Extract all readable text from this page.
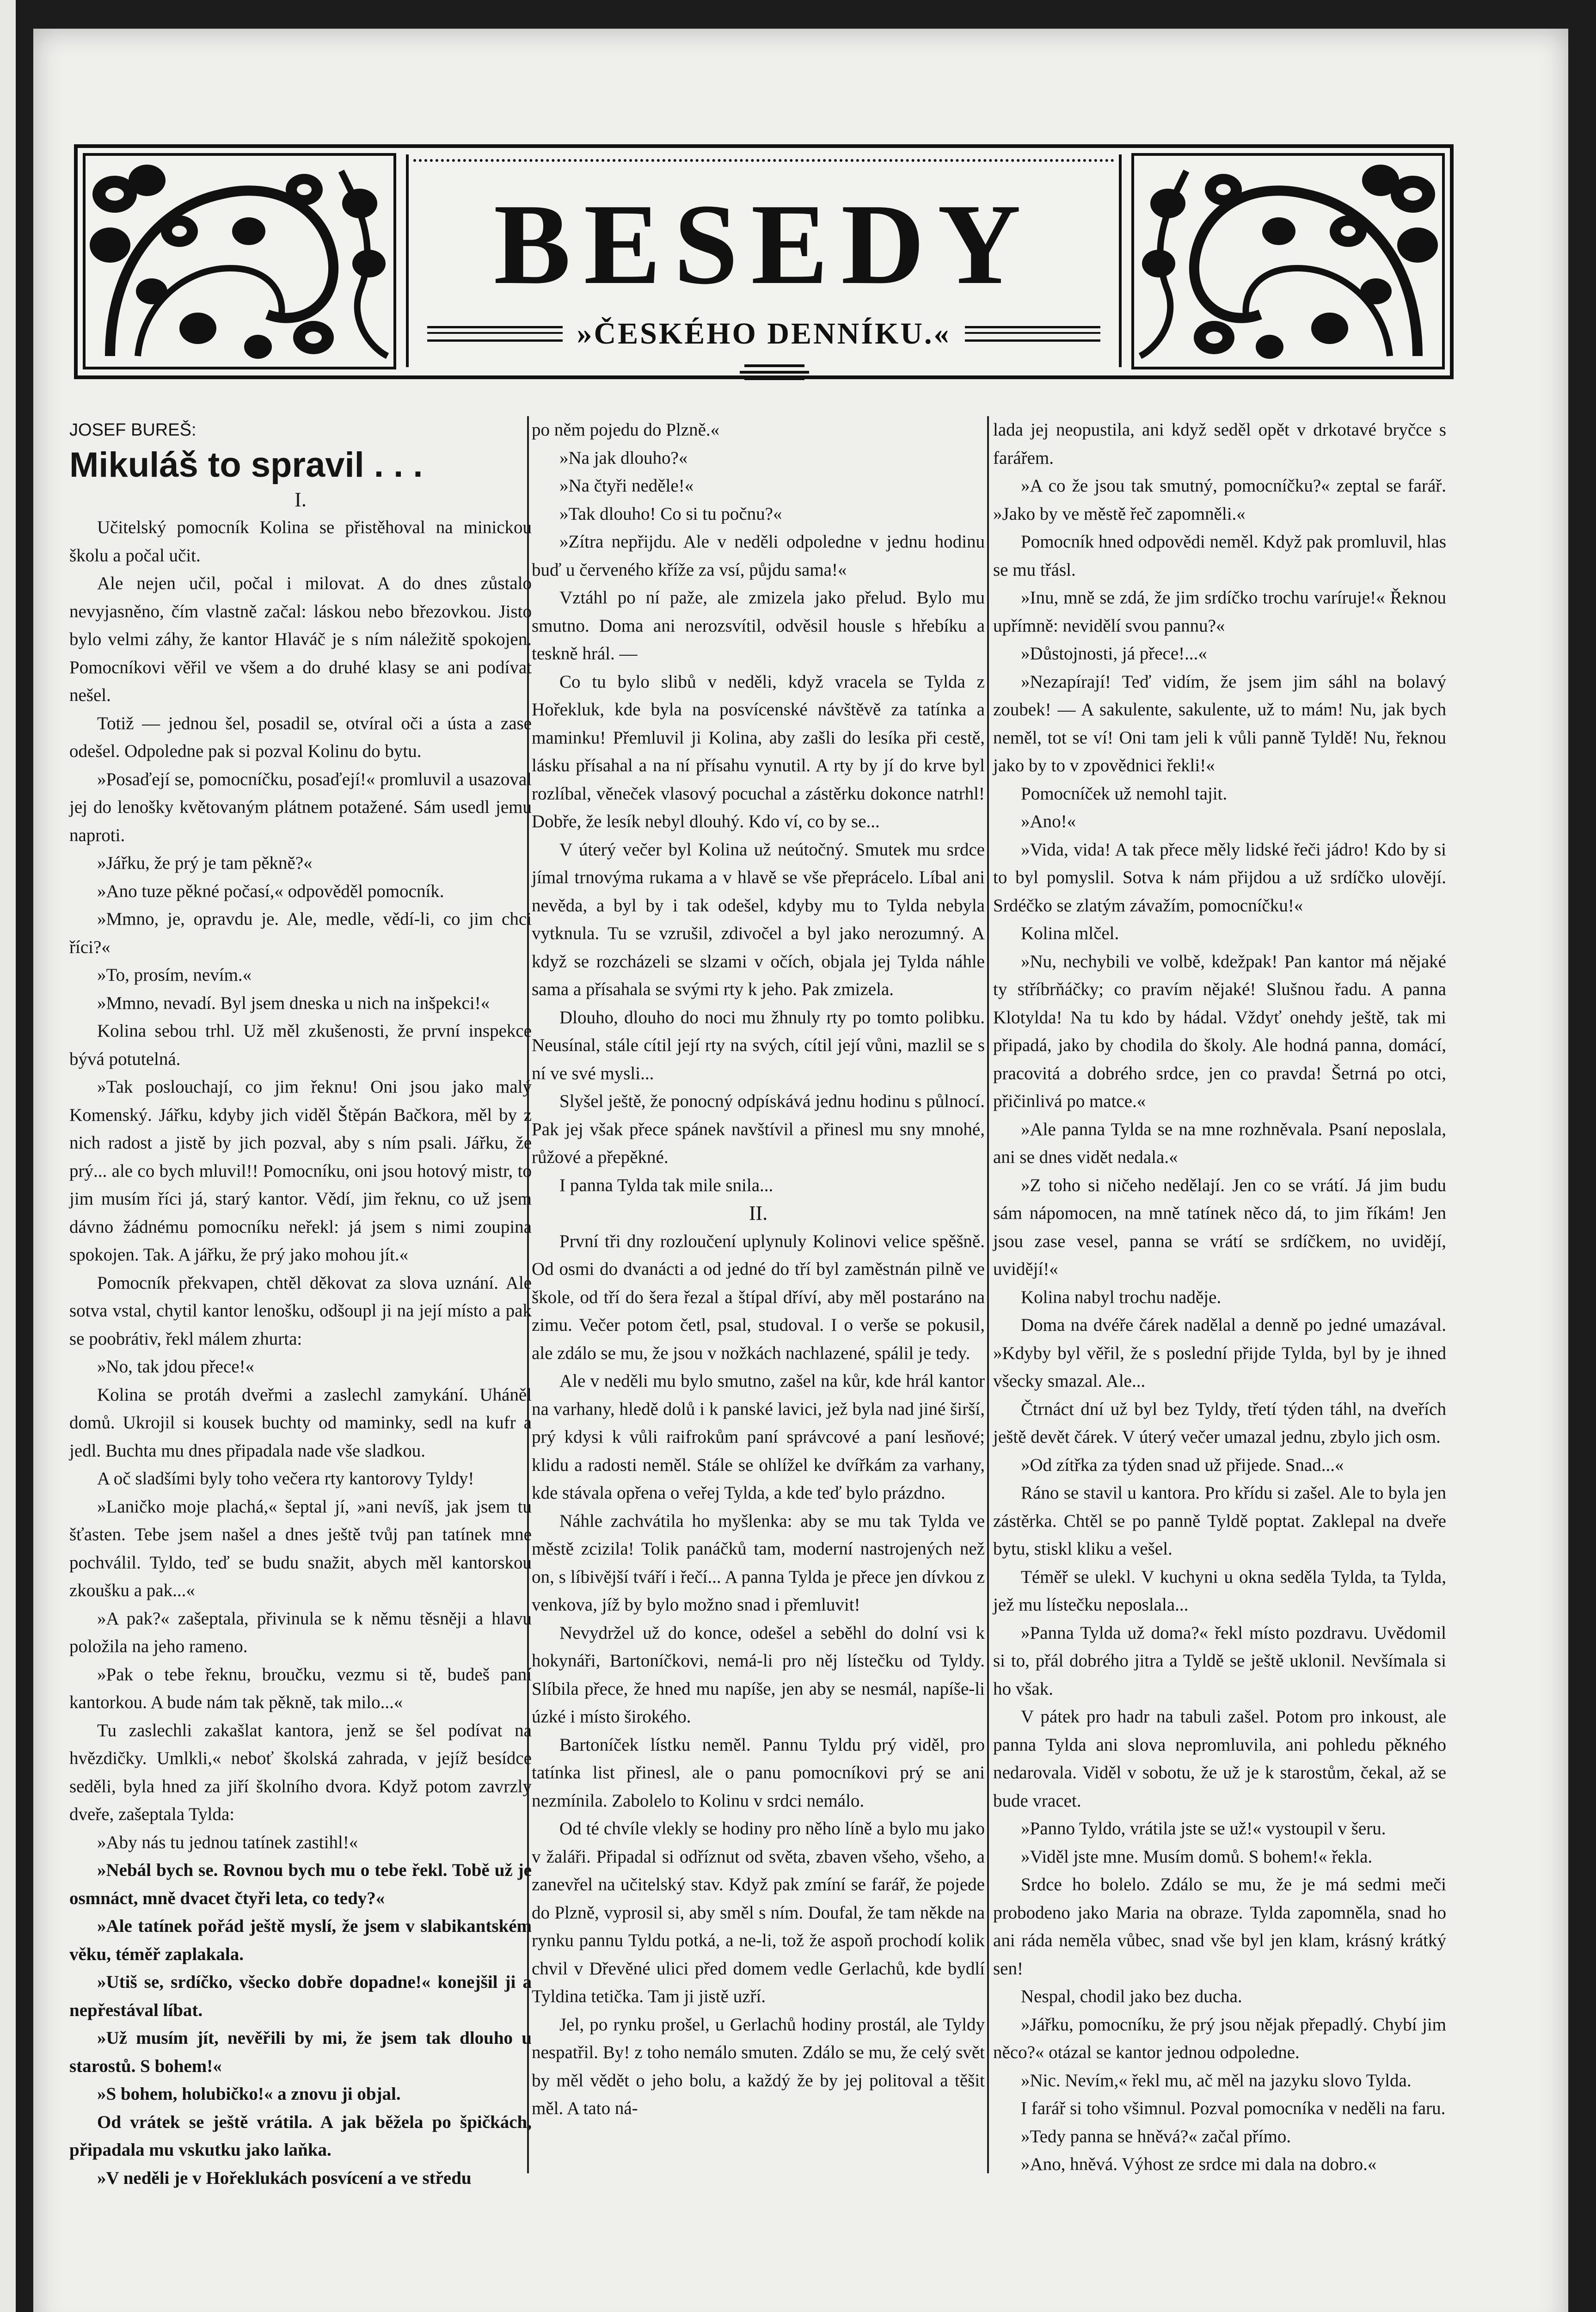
BESEDY
»ČESKÉHO DENNÍKU.«

JOSEF BUREŠ:

Mikuláš to spravil . . .

I.

Učitelský pomocník Kolina se přistěhoval na minickou školu a počal učit.

Ale nejen učil, počal i milovat. A do dnes zůstalo nevyjasněno, čím vlastně začal: láskou nebo březovkou. Jisto bylo velmi záhy, že kantor Hlaváč je s ním náležitě spokojen. Pomocníkovi věřil ve všem a do druhé klasy se ani podívat nešel.

Totiž — jednou šel, posadil se, otvíral oči a ústa a zase odešel. Odpoledne pak si pozval Kolinu do bytu.

»Posaďejí se, pomocníčku, posaďejí!« promluvil a usazoval jej do lenošky květovaným plátnem potažené. Sám usedl jemu naproti.

»Jářku, že prý je tam pěkně?«

»Ano tuze pěkné počasí,« odpověděl pomocník.

»Mmno, je, opravdu je. Ale, medle, vědí-li, co jim chci říci?«

»To, prosím, nevím.«

»Mmno, nevadí. Byl jsem dneska u nich na inšpekci!«

Kolina sebou trhl. Už měl zkušenosti, že první inspekce bývá potutelná.

»Tak poslouchají, co jim řeknu! Oni jsou jako malý Komenský. Jářku, kdyby jich viděl Štěpán Bačkora, měl by z nich radost a jistě by jich pozval, aby s ním psali. Jářku, že prý... ale co bych mluvil!! Pomocníku, oni jsou hotový mistr, to jim musím říci já, starý kantor. Vědí, jim řeknu, co už jsem dávno žádnému pomocníku neřekl: já jsem s nimi zoupina spokojen. Tak. A jářku, že prý jako mohou jít.«

Pomocník překvapen, chtěl děkovat za slova uznání. Ale sotva vstal, chytil kantor lenošku, odšoupl ji na její místo a pak se poobrátiv, řekl málem zhurta:

»No, tak jdou přece!«

Kolina se protáh dveřmi a zaslechl zamykání. Uháněl domů. Ukrojil si kousek buchty od maminky, sedl na kufr a jedl. Buchta mu dnes připadala nade vše sladkou.

A oč sladšími byly toho večera rty kantorovy Tyldy!

»Laničko moje plachá,« šeptal jí, »ani nevíš, jak jsem tu šťasten. Tebe jsem našel a dnes ještě tvůj pan tatínek mne pochválil. Tyldo, teď se budu snažit, abych měl kantorskou zkoušku a pak...«

»A pak?« zašeptala, přivinula se k němu těsněji a hlavu položila na jeho rameno.

»Pak o tebe řeknu, broučku, vezmu si tě, budeš paní kantorkou. A bude nám tak pěkně, tak milo...«

Tu zaslechli zakašlat kantora, jenž se šel podívat na hvězdičky. Umlkli,« neboť školská zahrada, v jejíž besídce seděli, byla hned za jiří školního dvora. Když potom zavrzly dveře, zašeptala Tylda:

»Aby nás tu jednou tatínek zastihl!«

»Nebál bych se. Rovnou bych mu o tebe řekl. Tobě už je osmnáct, mně dvacet čtyři leta, co tedy?«

»Ale tatínek pořád ještě myslí, že jsem v slabikantském věku, téměř zaplakala.

»Utiš se, srdíčko, všecko dobře dopadne!« konejšil ji a nepřestával líbat.

»Už musím jít, nevěřili by mi, že jsem tak dlouho u starostů. S bohem!«

»S bohem, holubičko!« a znovu ji objal.

Od vrátek se ještě vrátila. A jak běžela po špičkách, připadala mu vskutku jako laňka.

»V neděli je v Hořeklukách posvícení a ve středu

po něm pojedu do Plzně.«

»Na jak dlouho?«

»Na čtyři neděle!«

»Tak dlouho! Co si tu počnu?«

»Zítra nepřijdu. Ale v neděli odpoledne v jednu hodinu buď u červeného kříže za vsí, půjdu sama!«

Vztáhl po ní paže, ale zmizela jako přelud. Bylo mu smutno. Doma ani nerozsvítil, odvěsil housle s hřebíku a teskně hrál. —

Co tu bylo slibů v neděli, když vracela se Tylda z Hořekluk, kde byla na posvícenské návštěvě za tatínka a maminku! Přemluvil ji Kolina, aby zašli do lesíka při cestě, lásku přísahal a na ní přísahu vynutil. A rty by jí do krve byl rozlíbal, věneček vlasový pocuchal a zástěrku dokonce natrhl! Dobře, že lesík nebyl dlouhý. Kdo ví, co by se...

V úterý večer byl Kolina už neútočný. Smutek mu srdce jímal trnovýma rukama a v hlavě se vše přeprácelo. Líbal ani nevěda, a byl by i tak odešel, kdyby mu to Tylda nebyla vytknula. Tu se vzrušil, zdivočel a byl jako nerozumný. A když se rozcházeli se slzami v očích, objala jej Tylda náhle sama a přísahala se svými rty k jeho. Pak zmizela.

Dlouho, dlouho do noci mu žhnuly rty po tomto polibku. Neusínal, stále cítil její rty na svých, cítil její vůni, mazlil se s ní ve své mysli...

Slyšel ještě, že ponocný odpískává jednu hodinu s půlnocí. Pak jej však přece spánek navštívil a přinesl mu sny mnohé, růžové a přepěkné.

I panna Tylda tak mile snila...

II.

První tři dny rozloučení uplynuly Kolinovi velice spěšně. Od osmi do dvanácti a od jedné do tří byl zaměstnán pilně ve škole, od tří do šera řezal a štípal dříví, aby měl postaráno na zimu. Večer potom četl, psal, studoval. I o verše se pokusil, ale zdálo se mu, že jsou v nožkách nachlazené, spálil je tedy.

Ale v neděli mu bylo smutno, zašel na kůr, kde hrál kantor na varhany, hledě dolů i k panské lavici, jež byla nad jiné širší, prý kdysi k vůli raifrokům paní správcové a paní lesňové; klidu a radosti neměl. Stále se ohlížel ke dvířkám za varhany, kde stávala opřena o veřej Tylda, a kde teď bylo prázdno.

Náhle zachvátila ho myšlenka: aby se mu tak Tylda ve městě zcizila! Tolik panáčků tam, moderní nastrojených než on, s líbivější tváří i řečí... A panna Tylda je přece jen dívkou z venkova, jíž by bylo možno snad i přemluvit!

Nevydržel už do konce, odešel a seběhl do dolní vsi k hokynáři, Bartoníčkovi, nemá-li pro něj lístečku od Tyldy. Slíbila přece, že hned mu napíše, jen aby se nesmál, napíše-li úzké i místo širokého.

Bartoníček lístku neměl. Pannu Tyldu prý viděl, pro tatínka list přinesl, ale o panu pomocníkovi prý se ani nezmínila. Zabolelo to Kolinu v srdci nemálo.

Od té chvíle vlekly se hodiny pro něho líně a bylo mu jako v žaláři. Připadal si odříznut od světa, zbaven všeho, všeho, a zanevřel na učitelský stav. Když pak zmíní se farář, že pojede do Plzně, vyprosil si, aby směl s ním. Doufal, že tam někde na rynku pannu Tyldu potká, a ne-li, tož že aspoň prochodí kolik chvil v Dřevěné ulici před domem vedle Gerlachů, kde bydlí Tyldina tetička. Tam ji jistě uzří.

Jel, po rynku prošel, u Gerlachů hodiny prostál, ale Tyldy nespatřil. By! z toho nemálo smuten. Zdálo se mu, že celý svět by měl vědět o jeho bolu, a každý že by jej politoval a těšit měl. A tato ná-

lada jej neopustila, ani když seděl opět v drkotavé bryčce s farářem.

»A co že jsou tak smutný, pomocníčku?« zeptal se farář. »Jako by ve městě řeč zapomněli.«

Pomocník hned odpovědi neměl. Když pak promluvil, hlas se mu třásl.

»Inu, mně se zdá, že jim srdíčko trochu varíruje!« Řeknou upřímně: nevidělí svou pannu?«

»Důstojnosti, já přece!...«

»Nezapírají! Teď vidím, že jsem jim sáhl na bolavý zoubek! — A sakulente, sakulente, už to mám! Nu, jak bych neměl, tot se ví! Oni tam jeli k vůli panně Tyldě! Nu, řeknou jako by to v zpovědnici řekli!«

Pomocníček už nemohl tajit.

»Ano!«

»Vida, vida! A tak přece měly lidské řeči jádro! Kdo by si to byl pomyslil. Sotva k nám přijdou a už srdíčko ulovějí. Srdéčko se zlatým závažím, pomocníčku!«

Kolina mlčel.

»Nu, nechybili ve volbě, kdežpak! Pan kantor má nějaké ty stříbrňáčky; co pravím nějaké! Slušnou řadu. A panna Klotylda! Na tu kdo by hádal. Vždyť onehdy ještě, tak mi připadá, jako by chodila do školy. Ale hodná panna, domácí, pracovitá a dobrého srdce, jen co pravda! Šetrná po otci, přičinlivá po matce.«

»Ale panna Tylda se na mne rozhněvala. Psaní neposlala, ani se dnes vidět nedala.«

»Z toho si ničeho nedělají. Jen co se vrátí. Já jim budu sám nápomocen, na mně tatínek něco dá, to jim říkám! Jen jsou zase vesel, panna se vrátí se srdíčkem, no uvidějí, uvidějí!«

Kolina nabyl trochu naděje.

Doma na dvéře čárek nadělal a denně po jedné umazával. »Kdyby byl věřil, že s poslední přijde Tylda, byl by je ihned všecky smazal. Ale...

Čtrnáct dní už byl bez Tyldy, třetí týden táhl, na dveřích ještě devět čárek. V úterý večer umazal jednu, zbylo jich osm.

»Od zítřka za týden snad už přijede. Snad...«

Ráno se stavil u kantora. Pro křídu si zašel. Ale to byla jen zástěrka. Chtěl se po panně Tyldě poptat. Zaklepal na dveře bytu, stiskl kliku a vešel.

Téměř se ulekl. V kuchyni u okna seděla Tylda, ta Tylda, jež mu lístečku neposlala...

»Panna Tylda už doma?« řekl místo pozdravu. Uvědomil si to, přál dobrého jitra a Tyldě se ještě uklonil. Nevšímala si ho však.

V pátek pro hadr na tabuli zašel. Potom pro inkoust, ale panna Tylda ani slova nepromluvila, ani pohledu pěkného nedarovala. Viděl v sobotu, že už je k starostům, čekal, až se bude vracet.

»Panno Tyldo, vrátila jste se už!« vystoupil v šeru.

»Viděl jste mne. Musím domů. S bohem!« řekla.

Srdce ho bolelo. Zdálo se mu, že je má sedmi meči probodeno jako Maria na obraze. Tylda zapomněla, snad ho ani ráda neměla vůbec, snad vše byl jen klam, krásný krátký sen!

Nespal, chodil jako bez ducha.

»Jářku, pomocníku, že prý jsou nějak přepadlý. Chybí jim něco?« otázal se kantor jednou odpoledne.

»Nic. Nevím,« řekl mu, ač měl na jazyku slovo Tylda.

I farář si toho všimnul. Pozval pomocníka v neděli na faru.

»Tedy panna se hněvá?« začal přímo.

»Ano, hněvá. Výhost ze srdce mi dala na dobro.«
